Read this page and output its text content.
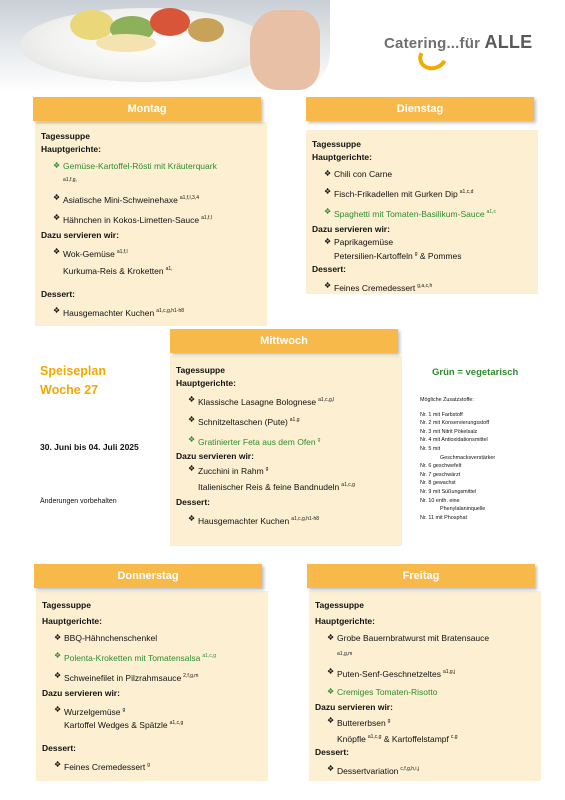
Catering...für ALLE
Tagessuppe
Hauptgerichte:
❖ Gemüse-Kartoffel-Rösti mit Kräuterquark
a1,f,g,
❖ Asiatische Mini-Schweinehaxe $^{a1,f,l,3,4}$
❖ Hähnchen in Kokos-Limetten-Sauce $^{a1,f,l}$
Dazu servieren wir:
❖ Wok-Gemüse $^{a1,f,l}$
Kurkuma-Reis & Kroketten $^{a1,}$
Dessert:
❖ Hausgemachter Kuchen $^{a1,c,g,h1-h8}$
Montag
Tagessuppe
Hauptgerichte:
❖ Chili con Carne
❖ Fisch-Frikadellen mit Gurken Dip $^{a1,c,d}$
❖ Spaghetti mit Tomaten-Basilikum-Sauce $^{a1,c}$
Dazu servieren wir:
❖ Paprikagemüse
Petersilien-Kartoffeln $^g$ & Pommes
Dessert:
❖ Feines Cremedessert $^{g,a,c,h}$
Dienstag
Tagessuppe
Hauptgerichte:
❖ Klassische Lasagne Bolognese $^{a1,c,g,l}$
❖ Schnitzeltaschen (Pute) $^{a1,g}$
❖ Gratinierter Feta aus dem Ofen $^g$
Dazu servieren wir:
❖ Zucchini in Rahm $^g$
Italienischer Reis & feine Bandnudeln $^{a1,c,g}$
Dessert:
❖ Hausgemachter Kuchen $^{a1,c,g,h1-h8}$
Mittwoch
Speiseplan
Woche 27
30. Juni bis 04. Juli 2025
Änderungen vorbehalten
Grün = vegetarisch
Mögliche Zusatzstoffe:
Nr. 1 mit Farbstoff
Nr. 2 mit Konservierungsstoff
Nr. 3 mit Nitrit Pökelsalz
Nr. 4 mit Antioxidationsmittel
Nr. 5 mit
Geschmacksverstärker
Nr. 6 geschwefelt
Nr. 7 geschwärzt
Nr. 8 gewachst
Nr. 9 mit Süßungsmittel
Nr. 10 enth. eine
Phenylalaninquelle
Nr. 11 mit Phosphat
Tagessuppe
Hauptgerichte:
❖ BBQ-Hähnchenschenkel
❖ Polenta-Kroketten mit Tomatensalsa $^{a1,c,g}$
❖ Schweinefilet in Pilzrahmsauce $^{2,f,g,m}$
Dazu servieren wir:
❖ Wurzelgemüse $^g$
Kartoffel Wedges & Spätzle $^{a1,c,g}$
Dessert:
❖ Feines Cremedessert $^g$
Donnerstag
Tagessuppe
Hauptgerichte:
❖ Grobe Bauernbratwurst mit Bratensauce
a1,g,m
❖ Puten-Senf-Geschnetzeltes $^{a1,g,j}$
❖ Cremiges Tomaten-Risotto
Dazu servieren wir:
❖ Buttererbsen $^g$
Knöpfle $^{a1,c,g}$ & Kartoffelstampf $^{c,g}$
Dessert:
❖ Dessertvariation $^{c,f,g,h,i,j}$
Freitag
